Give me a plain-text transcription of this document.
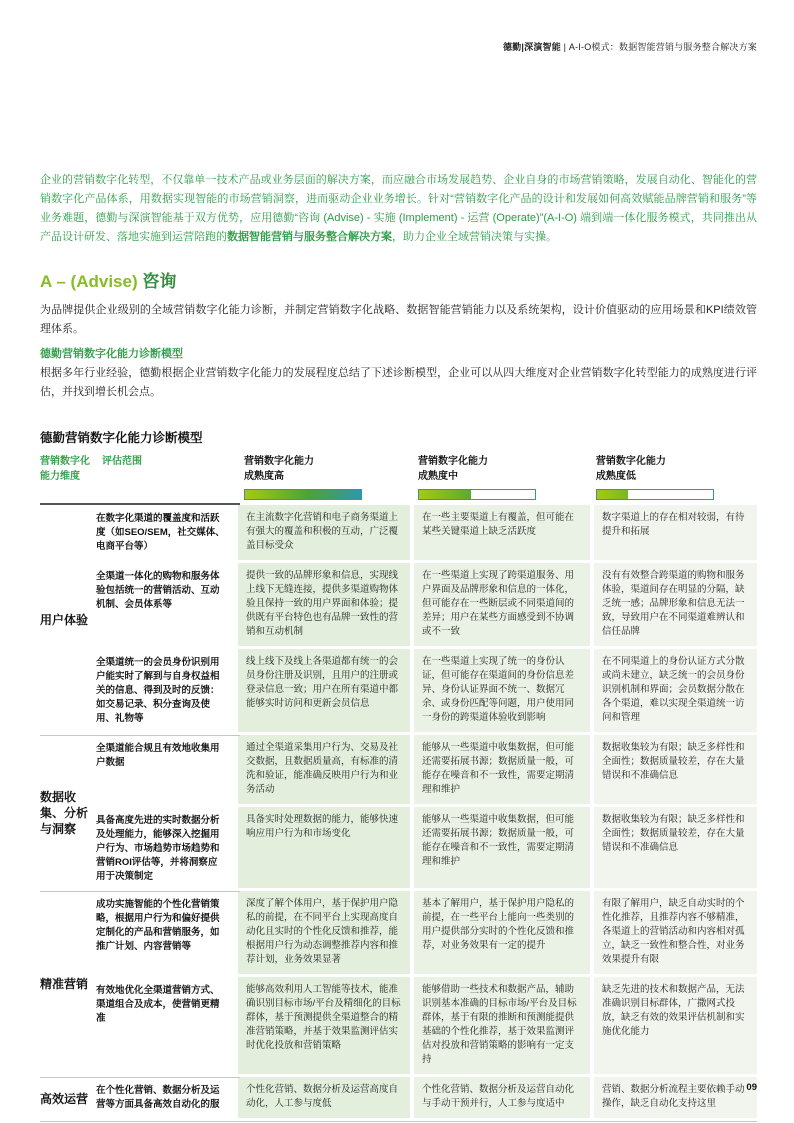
德勤|深演智能 | A-I-O模式：数据智能营销与服务整合解决方案

企业的营销数字化转型，不仅靠单一技术产品或业务层面的解决方案，而应融合市场发展趋势、企业自身的市场营销策略，发展自动化、智能化的营销数字化产品体系，用数据实现智能的市场营销洞察，进而驱动企业业务增长。针对“营销数字化产品的设计和发展如何高效赋能品牌营销和服务”等业务难题，德勤与深演智能基于双方优势，应用德勤“咨询 (Advise) - 实施 (Implement) - 运营 (Operate)”(A-I-O) 端到端一体化服务模式，共同推出从产品设计研发、落地实施到运营陪跑的数据智能营销与服务整合解决方案，助力企业全域营销决策与实操。

A – (Advise) 咨询

为品牌提供企业级别的全域营销数字化能力诊断，并制定营销数字化战略、数据智能营销能力以及系统架构，设计价值驱动的应用场景和KPI绩效管理体系。

德勤营销数字化能力诊断模型

根据多年行业经验，德勤根据企业营销数字化能力的发展程度总结了下述诊断模型，企业可以从四大维度对企业营销数字化转型能力的成熟度进行评估，并找到增长机会点。

德勤营销数字化能力诊断模型
营销数字化 能力维度
评估范围	营销数字化能力
成熟度高
营销数字化能力
成熟度中
营销数字化能力
成熟度低
用户体验
在数字化渠道的覆盖度和活跃度（如SEO/SEM，社交媒体、电商平台等）
在主流数字化营销和电子商务渠道上有强大的覆盖和积极的互动，广泛覆盖目标受众
在一些主要渠道上有覆盖，但可能在某些关键渠道上缺乏活跃度
数字渠道上的存在相对较弱，有待提升和拓展
全渠道一体化的购物和服务体验包括统一的营销活动、互动机制、会员体系等
提供一致的品牌形象和信息，实现线上线下无缝连接，提供多渠道购物体验且保持一致的用户界面和体验；提供既有平台特色也有品牌一致性的营销和互动机制
在一些渠道上实现了跨渠道服务、用户界面及品牌形象和信息的一体化，但可能存在一些断层或不同渠道间的差异；用户在某些方面感受到不协调或不一致
没有有效整合跨渠道的购物和服务体验，渠道间存在明显的分隔，缺乏统一感；品牌形象和信息无法一致，导致用户在不同渠道难辨认和信任品牌
全渠道统一的会员身份识别用户能实时了解到与自身权益相关的信息、得到及时的反馈：如交易记录、积分查询及使用、礼物等
线上线下及线上各渠道都有统一的会员身份注册及识别，且用户的注册或登录信息一致；用户在所有渠道中都能够实时访问和更新会员信息
在一些渠道上实现了统一的身份认证，但可能存在渠道间的身份信息差异、身份认证界面不统一、数据冗余、或身份匹配等问题，用户使用同一身份的跨渠道体验收到影响
在不同渠道上的身份认证方式分散或尚未建立，缺乏统一的会员身份识别机制和界面；会员数据分散在各个渠道，难以实现全渠道统一访问和管理
数据收集、分析与洞察
全渠道能合规且有效地收集用户数据
通过全渠道采集用户行为、交易及社交数据，且数据质量高，有标准的清洗和验证，能准确反映用户行为和业务活动
能够从一些渠道中收集数据，但可能还需要拓展书源；数据质量一般，可能存在噪音和不一致性，需要定期清理和维护
数据收集较为有限；缺乏多样性和全面性；数据质量较差，存在大量错误和不准确信息
具备高度先进的实时数据分析及处理能力，能够深入挖掘用户行为、市场趋势市场趋势和营销ROI评估等，并将洞察应用于决策制定
具备实时处理数据的能力，能够快速响应用户行为和市场变化
能够从一些渠道中收集数据，但可能还需要拓展书源；数据质量一般，可能存在噪音和不一致性，需要定期清理和维护
数据收集较为有限；缺乏多样性和全面性；数据质量较差，存在大量错误和不准确信息
精准营销
成功实施智能的个性化营销策略，根据用户行为和偏好提供定制化的产品和营销服务，如推广计划、内容营销等
深度了解个体用户，基于保护用户隐私的前提，在不同平台上实现高度自动化且实时的个性化反馈和推荐，能根据用户行为动态调整推荐内容和推荐计划，业务效果显著
基本了解用户，基于保护用户隐私的前提，在一些平台上能向一些类别的用户提供部分实时的个性化反馈和推荐，对业务效果有一定的提升
有限了解用户，缺乏自动实时的个性化推荐，且推荐内容不够精准，各渠道上的营销活动和内容相对孤立，缺乏一致性和整合性，对业务效果提升有限
有效地优化全渠道营销方式、渠道组合及成本，使营销更精准
能够高效利用人工智能等技术，能准确识别目标市场/平台及精细化的目标群体，基于预测提供全渠道整合的精准营销策略，并基于效果监测评估实时优化投放和营销策略
能够借助一些技术和数据产品，辅助识别基本准确的目标市场/平台及目标群体，基于有限的推断和预测能提供基础的个性化推荐，基于效果监测评估对投放和营销策略的影响有一定支持
缺乏先进的技术和数据产品，无法准确识别目标群体，广撒网式投放，缺乏有效的效果评估机制和实施优化能力
高效运营
在个性化营销、数据分析及运营等方面具备高效自动化的服
个性化营销、数据分析及运营高度自动化，人工参与度低
个性化营销、数据分析及运营自动化与手动干预并行，人工参与度适中
营销、数据分析流程主要依赖手动操作，缺乏自动化支持这里
09
